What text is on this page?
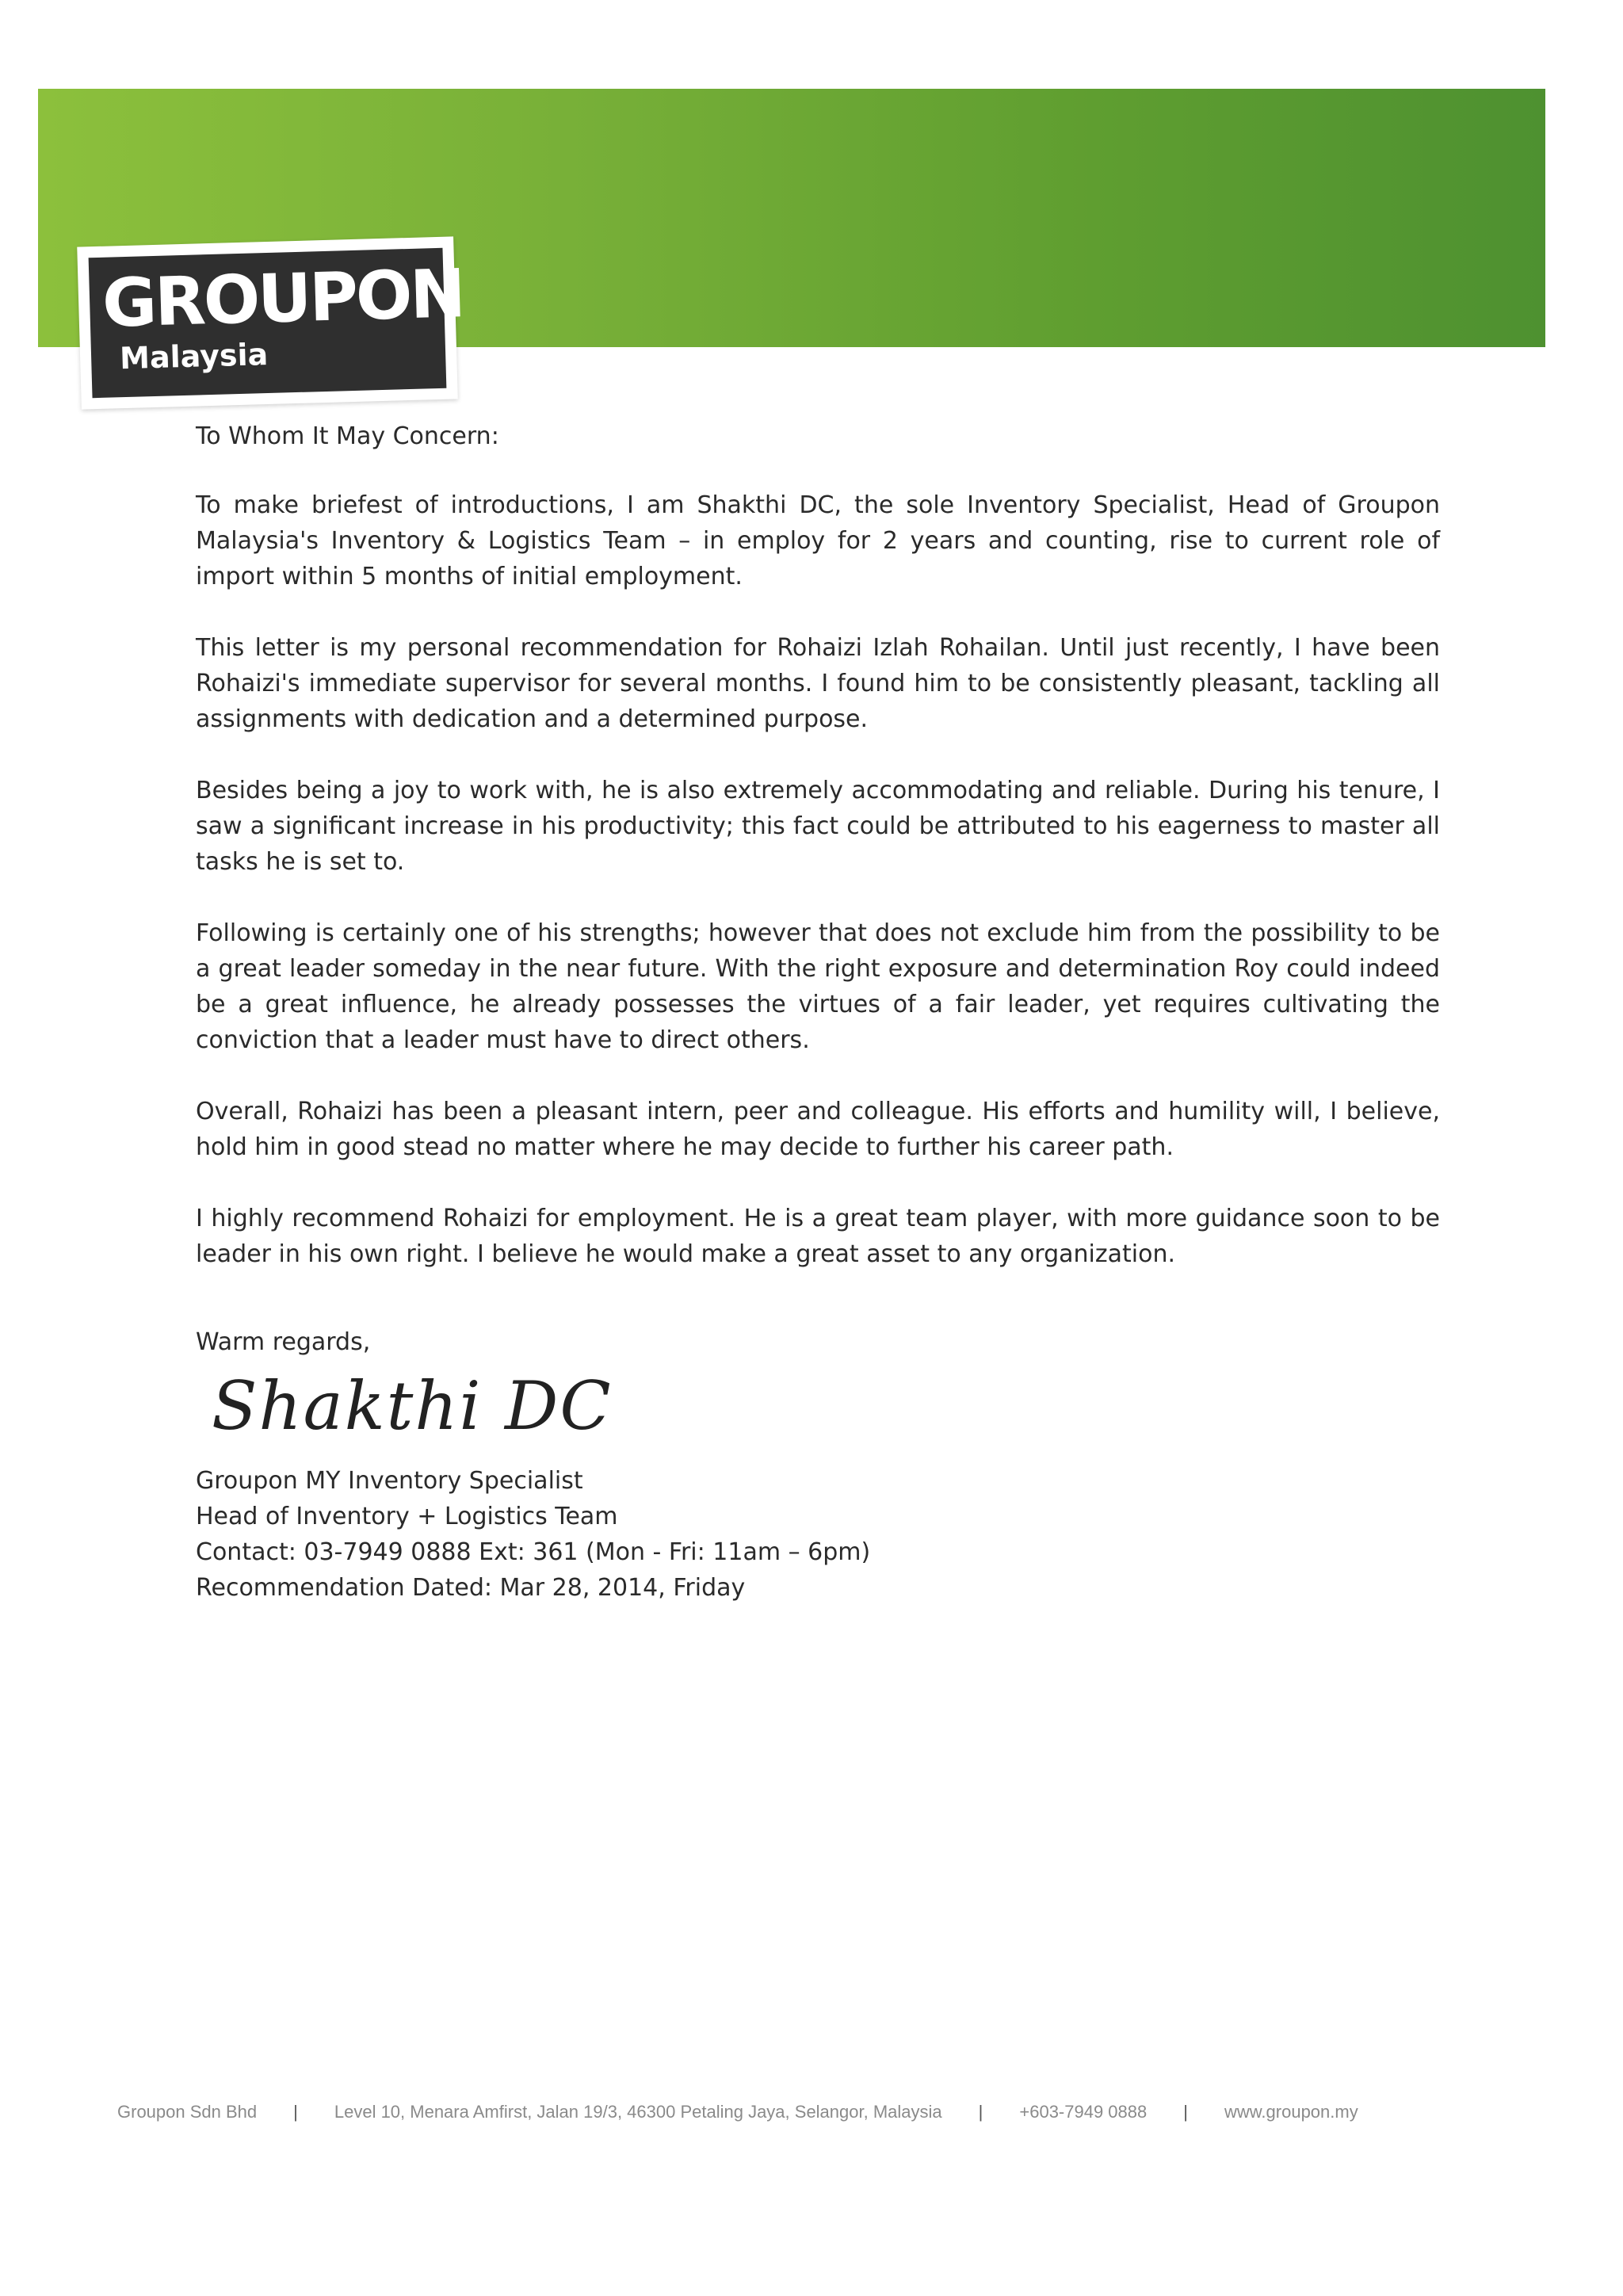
GROUPON
Malaysia
To Whom It May Concern:
To make briefest of introductions, I am Shakthi DC, the sole Inventory Specialist, Head of Groupon Malaysia's Inventory & Logistics Team – in employ for 2 years and counting, rise to current role of import within 5 months of initial employment.
This letter is my personal recommendation for Rohaizi Izlah Rohailan. Until just recently, I have been Rohaizi's immediate supervisor for several months. I found him to be consistently pleasant, tackling all assignments with dedication and a determined purpose.
Besides being a joy to work with, he is also extremely accommodating and reliable. During his tenure, I saw a significant increase in his productivity; this fact could be attributed to his eagerness to master all tasks he is set to.
Following is certainly one of his strengths; however that does not exclude him from the possibility to be a great leader someday in the near future. With the right exposure and determination Roy could indeed be a great influence, he already possesses the virtues of a fair leader, yet requires cultivating the conviction that a leader must have to direct others.
Overall, Rohaizi has been a pleasant intern, peer and colleague. His efforts and humility will, I believe, hold him in good stead no matter where he may decide to further his career path.
I highly recommend Rohaizi for employment. He is a great team player, with more guidance soon to be leader in his own right. I believe he would make a great asset to any organization.
Warm regards,
Shakthi DC
Groupon MY Inventory Specialist
Head of Inventory + Logistics Team
Contact: 03-7949 0888 Ext: 361 (Mon - Fri: 11am – 6pm)
Recommendation Dated: Mar 28, 2014, Friday
Groupon Sdn Bhd	|	Level 10, Menara Amfirst, Jalan 19/3, 46300 Petaling Jaya, Selangor, Malaysia	|	+603-7949 0888	|	www.groupon.my
